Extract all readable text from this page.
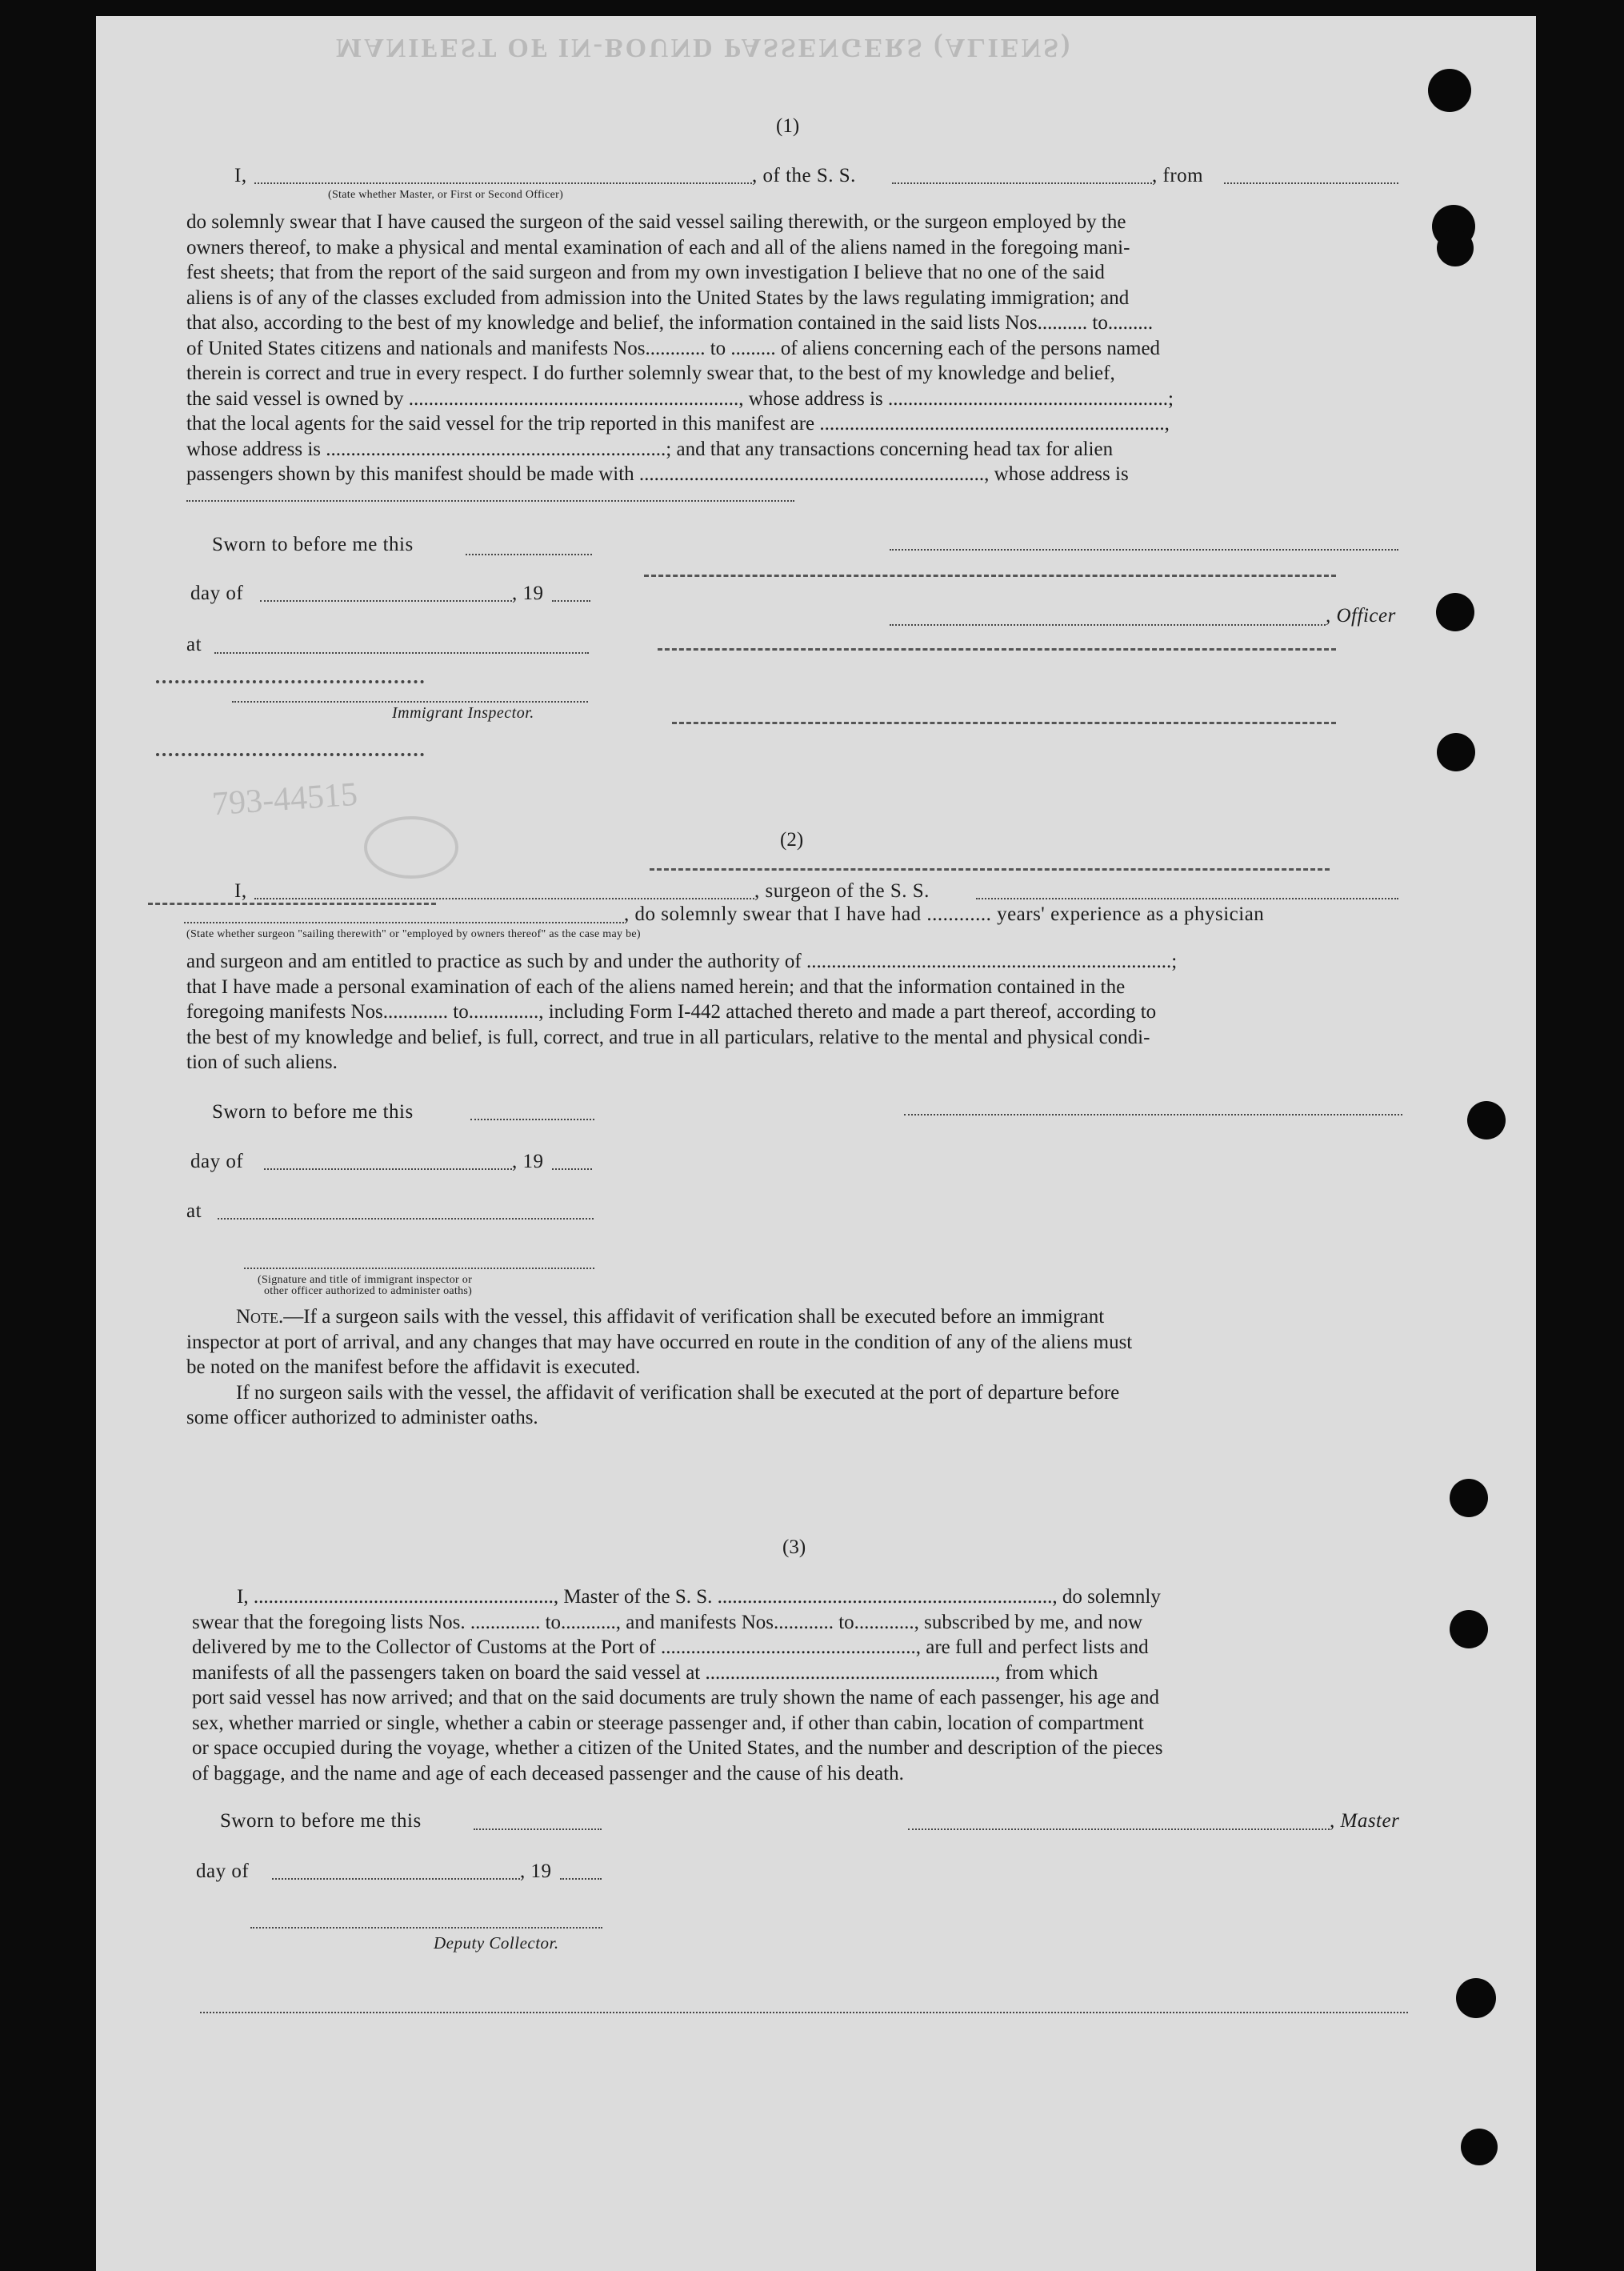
MANIFEST OF IN-BOUND PASSENGERS (ALIENS)
793-44515
(1)
I,	, of the S. S.	, from
(State whether Master, or First or Second Officer)

do solemnly swear that I have caused the surgeon of the said vessel sailing therewith, or the surgeon employed by the

owners thereof, to make a physical and mental examination of each and all of the aliens named in the foregoing mani-

fest sheets; that from the report of the said surgeon and from my own investigation I believe that no one of the said

aliens is of any of the classes excluded from admission into the United States by the laws regulating immigration; and

that also, according to the best of my knowledge and belief, the information contained in the said lists Nos.......... to.........

of United States citizens and nationals and manifests Nos............ to ......... of aliens concerning each of the persons named

therein is correct and true in every respect. I do further solemnly swear that, to the best of my knowledge and belief,

the said vessel is owned by .................................................................., whose address is ........................................................;

that the local agents for the said vessel for the trip reported in this manifest are .....................................................................,

whose address is ....................................................................; and that any transactions concerning head tax for alien

passengers shown by this manifest should be made with ....................................................................., whose address is

Sworn to before me this
day of	, 19
, Officer
at
Immigrant Inspector.
(2)
I,	, surgeon of the S. S.
, do solemnly swear that I have had ............ years' experience as a physician
(State whether surgeon "sailing therewith" or "employed by owners thereof" as the case may be)

and surgeon and am entitled to practice as such by and under the authority of .........................................................................;

that I have made a personal examination of each of the aliens named herein; and that the information contained in the

foregoing manifests Nos............. to.............., including Form I-442 attached thereto and made a part thereof, according to

the best of my knowledge and belief, is full, correct, and true in all particulars, relative to the mental and physical condi-

tion of such aliens.

Sworn to before me this
day of	, 19
at
(Signature and title of immigrant inspector or
other officer authorized to administer oaths)

Note.—If a surgeon sails with the vessel, this affidavit of verification shall be executed before an immigrant

inspector at port of arrival, and any changes that may have occurred en route in the condition of any of the aliens must

be noted on the manifest before the affidavit is executed.

If no surgeon sails with the vessel, the affidavit of verification shall be executed at the port of departure before

some officer authorized to administer oaths.

(3)

I, ............................................................, Master of the S. S. ..................................................................., do solemnly

swear that the foregoing lists Nos. .............. to..........., and manifests Nos............ to............, subscribed by me, and now

delivered by me to the Collector of Customs at the Port of ..................................................., are full and perfect lists and

manifests of all the passengers taken on board the said vessel at .........................................................., from which

port said vessel has now arrived; and that on the said documents are truly shown the name of each passenger, his age and

sex, whether married or single, whether a cabin or steerage passenger and, if other than cabin, location of compartment

or space occupied during the voyage, whether a citizen of the United States, and the number and description of the pieces

of baggage, and the name and age of each deceased passenger and the cause of his death.

Sworn to before me this	, Master
day of	, 19
Deputy Collector.
